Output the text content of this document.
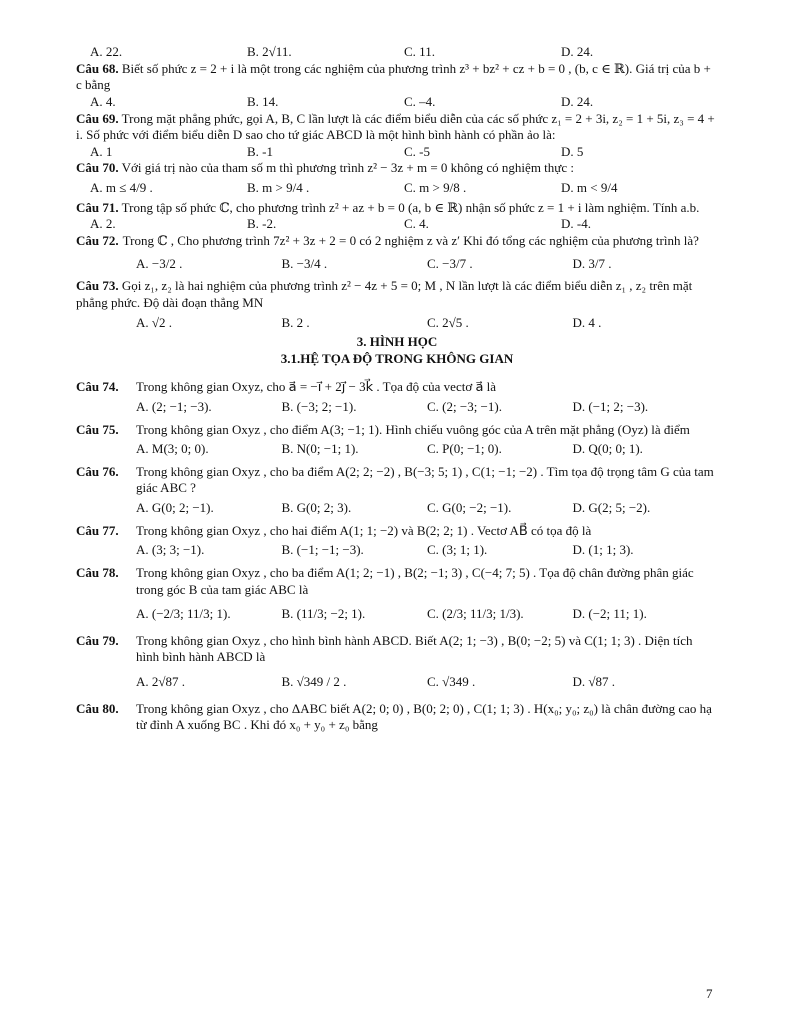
A. 22.	B. 2√11.	C. 11.	D. 24.

Câu 68. Biết số phức z = 2 + i là một trong các nghiệm của phương trình z³ + bz² + cz + b = 0 , (b, c ∈ ℝ). Giá trị của b + c bằng

A. 4.	B. 14.	C. –4.	D. 24.

Câu 69. Trong mặt phẳng phức, gọi A, B, C lần lượt là các điểm biểu diễn của các số phức z₁ = 2 + 3i, z₂ = 1 + 5i, z₃ = 4 + i. Số phức với điểm biểu diễn D sao cho tứ giác ABCD là một hình bình hành có phần ảo là:

A. 1	B. -1	C. -5	D. 5

Câu 70. Với giá trị nào của tham số m thì phương trình z² − 3z + m = 0 không có nghiệm thực :

A. m ≤ 4/9 .	B. m > 9/4 .	C. m > 9/8 .	D. m < 9/4

Câu 71. Trong tập số phức ℂ, cho phương trình z² + az + b = 0 (a, b ∈ ℝ) nhận số phức z = 1 + i làm nghiệm. Tính a.b.

A. 2.	B. -2.	C. 4.	D. -4.
Câu 72. Trong ℂ , Cho phương trình 7z² + 3z + 2 = 0 có 2 nghiệm z và z′ Khi đó tổng các nghiệm của phương trình là?
A. −3/2 .	B. −3/4 .	C. −3/7 .	D. 3/7 .

Câu 73. Gọi z₁, z₂ là hai nghiệm của phương trình z² − 4z + 5 = 0; M , N lần lượt là các điểm biểu diễn z₁ , z₂ trên mặt phẳng phức. Độ dài đoạn thẳng MN

A. √2 .	B. 2 .	C. 2√5 .	D. 4 .

3. HÌNH HỌC

3.1.HỆ TỌA ĐỘ TRONG KHÔNG GIAN

Câu 74.	Trong không gian Oxyz, cho a⃗ = −i⃗ + 2j⃗ − 3k⃗ . Tọa độ của vectơ a⃗ là
A. (2; −1; −3).	B. (−3; 2; −1).	C. (2; −3; −1).	D. (−1; 2; −3).
Câu 75.	Trong không gian Oxyz , cho điểm A(3; −1; 1). Hình chiếu vuông góc của A trên mặt phẳng (Oyz) là điểm
A. M(3; 0; 0).	B. N(0; −1; 1).	C. P(0; −1; 0).	D. Q(0; 0; 1).
Câu 76.	Trong không gian Oxyz , cho ba điểm A(2; 2; −2) , B(−3; 5; 1) , C(1; −1; −2) . Tìm tọa độ trọng tâm G của tam giác ABC ?
A. G(0; 2; −1).	B. G(0; 2; 3).	C. G(0; −2; −1).	D. G(2; 5; −2).
Câu 77.	Trong không gian Oxyz , cho hai điểm A(1; 1; −2) và B(2; 2; 1) . Vectơ AB⃗ có tọa độ là
A. (3; 3; −1).	B. (−1; −1; −3).	C. (3; 1; 1).	D. (1; 1; 3).
Câu 78.	Trong không gian Oxyz , cho ba điểm A(1; 2; −1) , B(2; −1; 3) , C(−4; 7; 5) . Tọa độ chân đường phân giác trong góc B của tam giác ABC là
A. (−2/3; 11/3; 1).	B. (11/3; −2; 1).	C. (2/3; 11/3; 1/3).	D. (−2; 11; 1).
Câu 79.	Trong không gian Oxyz , cho hình bình hành ABCD. Biết A(2; 1; −3) , B(0; −2; 5) và C(1; 1; 3) . Diện tích hình bình hành ABCD là
A. 2√87 .	B. √349 / 2 .	C. √349 .	D. √87 .
Câu 80.	Trong không gian Oxyz , cho ΔABC biết A(2; 0; 0) , B(0; 2; 0) , C(1; 1; 3) . H(x₀; y₀; z₀) là chân đường cao hạ từ đỉnh A xuống BC . Khi đó x₀ + y₀ + z₀ bằng
7
